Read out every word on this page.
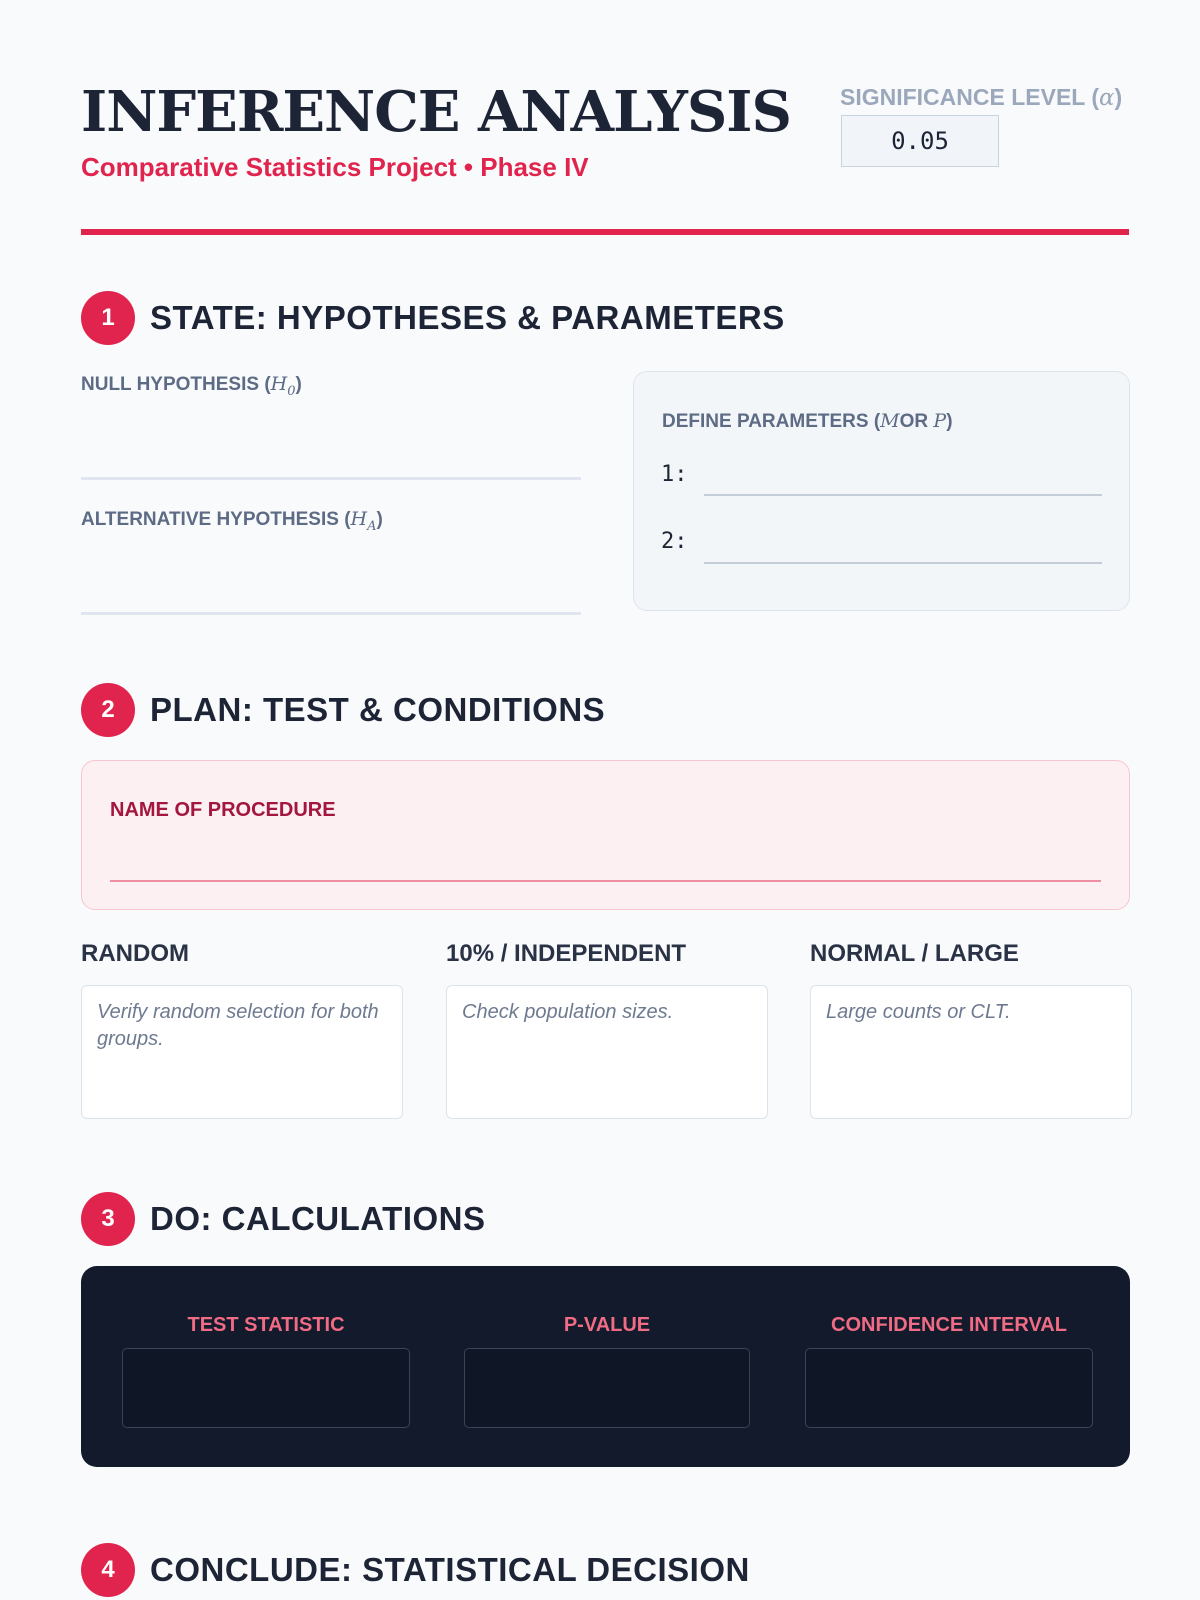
INFERENCE ANALYSIS
Comparative Statistics Project • Phase IV
SIGNIFICANCE LEVEL (α)
0.05
1	STATE: HYPOTHESES & PARAMETERS
NULL HYPOTHESIS $(H_0)$
ALTERNATIVE HYPOTHESIS $(H_A)$
DEFINE PARAMETERS (MOR P)
1:
2:
2	PLAN: TEST & CONDITIONS
NAME OF PROCEDURE
RANDOM
Verify random selection for both groups.
10% / INDEPENDENT
Check population sizes.
NORMAL / LARGE
Large counts or CLT.
3	DO: CALCULATIONS
TEST STATISTIC	P-VALUE	CONFIDENCE INTERVAL
4	CONCLUDE: STATISTICAL DECISION
